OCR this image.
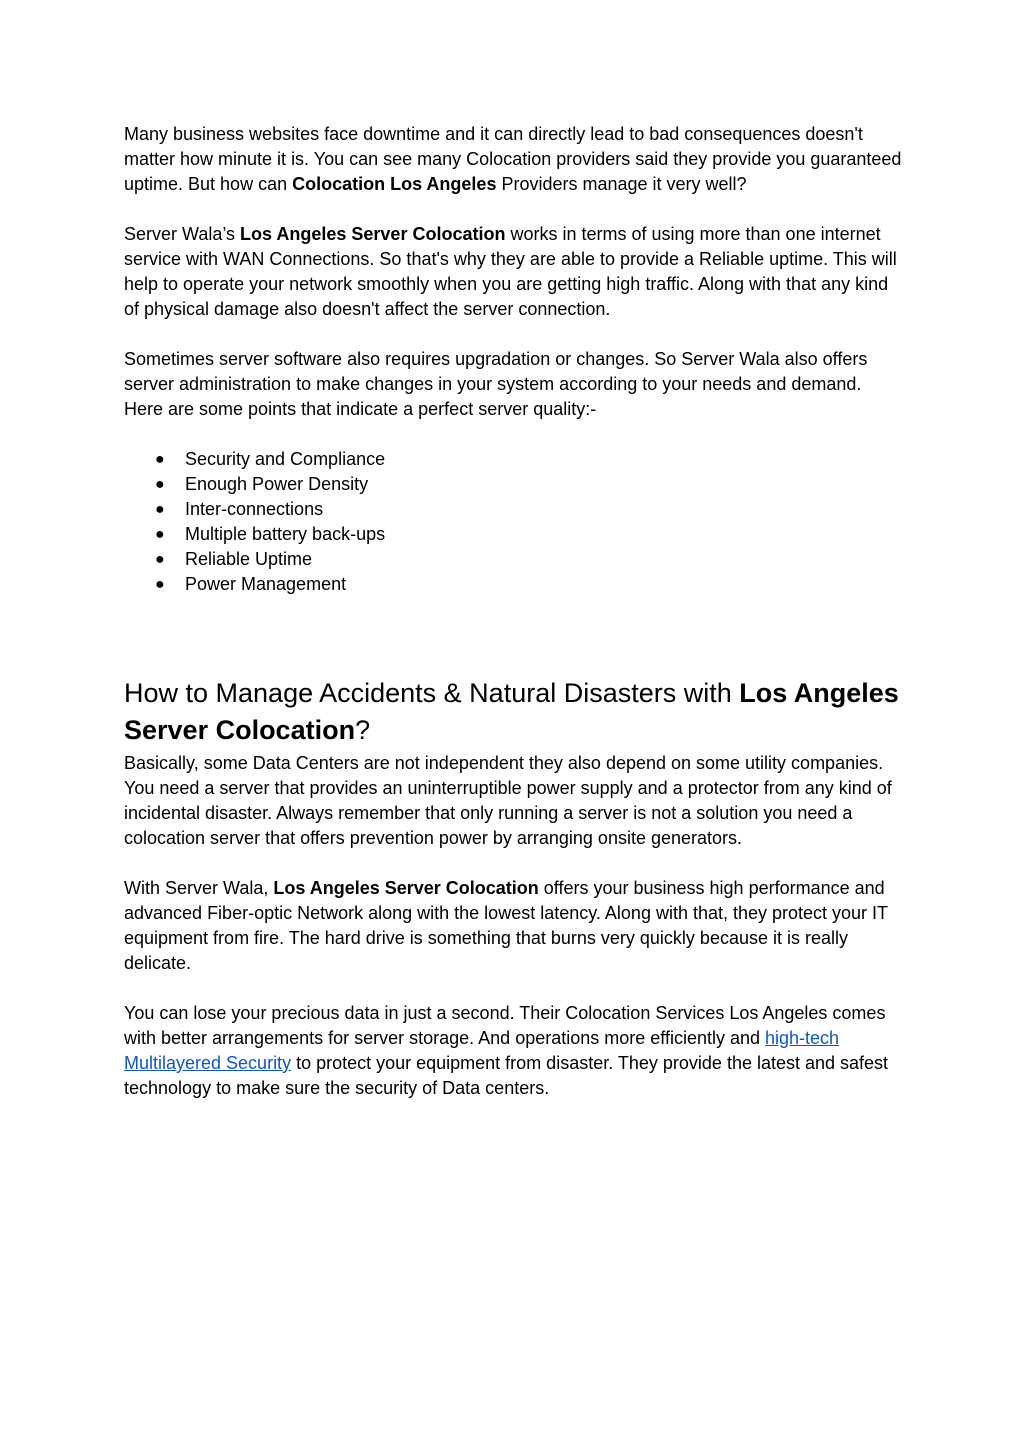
Many business websites face downtime and it can directly lead to bad consequences doesn't matter how minute it is. You can see many Colocation providers said they provide you guaranteed uptime. But how can Colocation Los Angeles Providers manage it very well?

Server Wala’s Los Angeles Server Colocation works in terms of using more than one internet service with WAN Connections. So that's why they are able to provide a Reliable uptime. This will help to operate your network smoothly when you are getting high traffic. Along with that any kind of physical damage also doesn't affect the server connection.

Sometimes server software also requires upgradation or changes. So Server Wala also offers server administration to make changes in your system according to your needs and demand. Here are some points that indicate a perfect server quality:-

● Security and Compliance
● Enough Power Density
● Inter-connections
● Multiple battery back-ups
● Reliable Uptime
● Power Management
How to Manage Accidents & Natural Disasters with Los Angeles Server Colocation?

Basically, some Data Centers are not independent they also depend on some utility companies. You need a server that provides an uninterruptible power supply and a protector from any kind of incidental disaster. Always remember that only running a server is not a solution you need a colocation server that offers prevention power by arranging onsite generators.

With Server Wala, Los Angeles Server Colocation offers your business high performance and advanced Fiber-optic Network along with the lowest latency. Along with that, they protect your IT equipment from fire. The hard drive is something that burns very quickly because it is really delicate.

You can lose your precious data in just a second. Their Colocation Services Los Angeles comes with better arrangements for server storage. And operations more efficiently and high-tech Multilayered Security to protect your equipment from disaster. They provide the latest and safest technology to make sure the security of Data centers.
